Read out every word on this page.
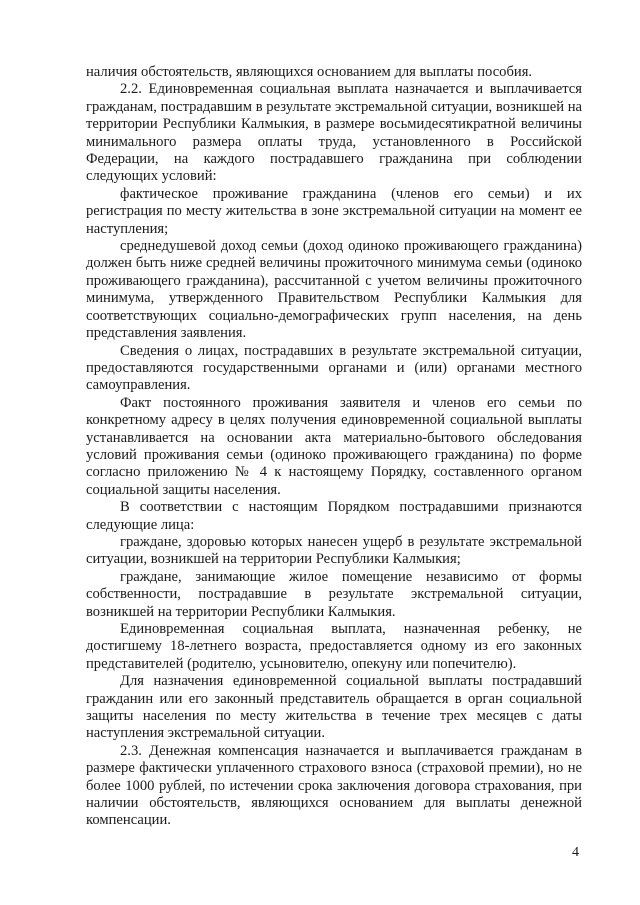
наличия обстоятельств, являющихся основанием для выплаты пособия.

2.2. Единовременная социальная выплата назначается и выплачивается гражданам, пострадавшим в результате экстремальной ситуации, возникшей на территории Республики Калмыкия, в размере восьмидесятикратной величины минимального размера оплаты труда, установленного в Российской Федерации, на каждого пострадавшего гражданина при соблюдении следующих условий:

фактическое проживание гражданина (членов его семьи) и их регистрация по месту жительства в зоне экстремальной ситуации на момент ее наступления;

среднедушевой доход семьи (доход одиноко проживающего гражданина) должен быть ниже средней величины прожиточного минимума семьи (одиноко проживающего гражданина), рассчитанной с учетом величины прожиточного минимума, утвержденного Правительством Республики Калмыкия для соответствующих социально-демографических групп населения, на день представления заявления.

Сведения о лицах, пострадавших в результате экстремальной ситуации, предоставляются государственными органами и (или) органами местного самоуправления.

Факт постоянного проживания заявителя и членов его семьи по конкретному адресу в целях получения единовременной социальной выплаты устанавливается на основании акта материально-бытового обследования условий проживания семьи (одиноко проживающего гражданина) по форме согласно приложению № 4 к настоящему Порядку, составленного органом социальной защиты населения.

В соответствии с настоящим Порядком пострадавшими признаются следующие лица:

граждане, здоровью которых нанесен ущерб в результате экстремальной ситуации, возникшей на территории Республики Калмыкия;

граждане, занимающие жилое помещение независимо от формы собственности, пострадавшие в результате экстремальной ситуации, возникшей на территории Республики Калмыкия.

Единовременная социальная выплата, назначенная ребенку, не достигшему 18-летнего возраста, предоставляется одному из его законных представителей (родителю, усыновителю, опекуну или попечителю).

Для назначения единовременной социальной выплаты пострадавший гражданин или его законный представитель обращается в орган социальной защиты населения по месту жительства в течение трех месяцев с даты наступления экстремальной ситуации.

2.3. Денежная компенсация назначается и выплачивается гражданам в размере фактически уплаченного страхового взноса (страховой премии), но не более 1000 рублей, по истечении срока заключения договора страхования, при наличии обстоятельств, являющихся основанием для выплаты денежной компенсации.

4
